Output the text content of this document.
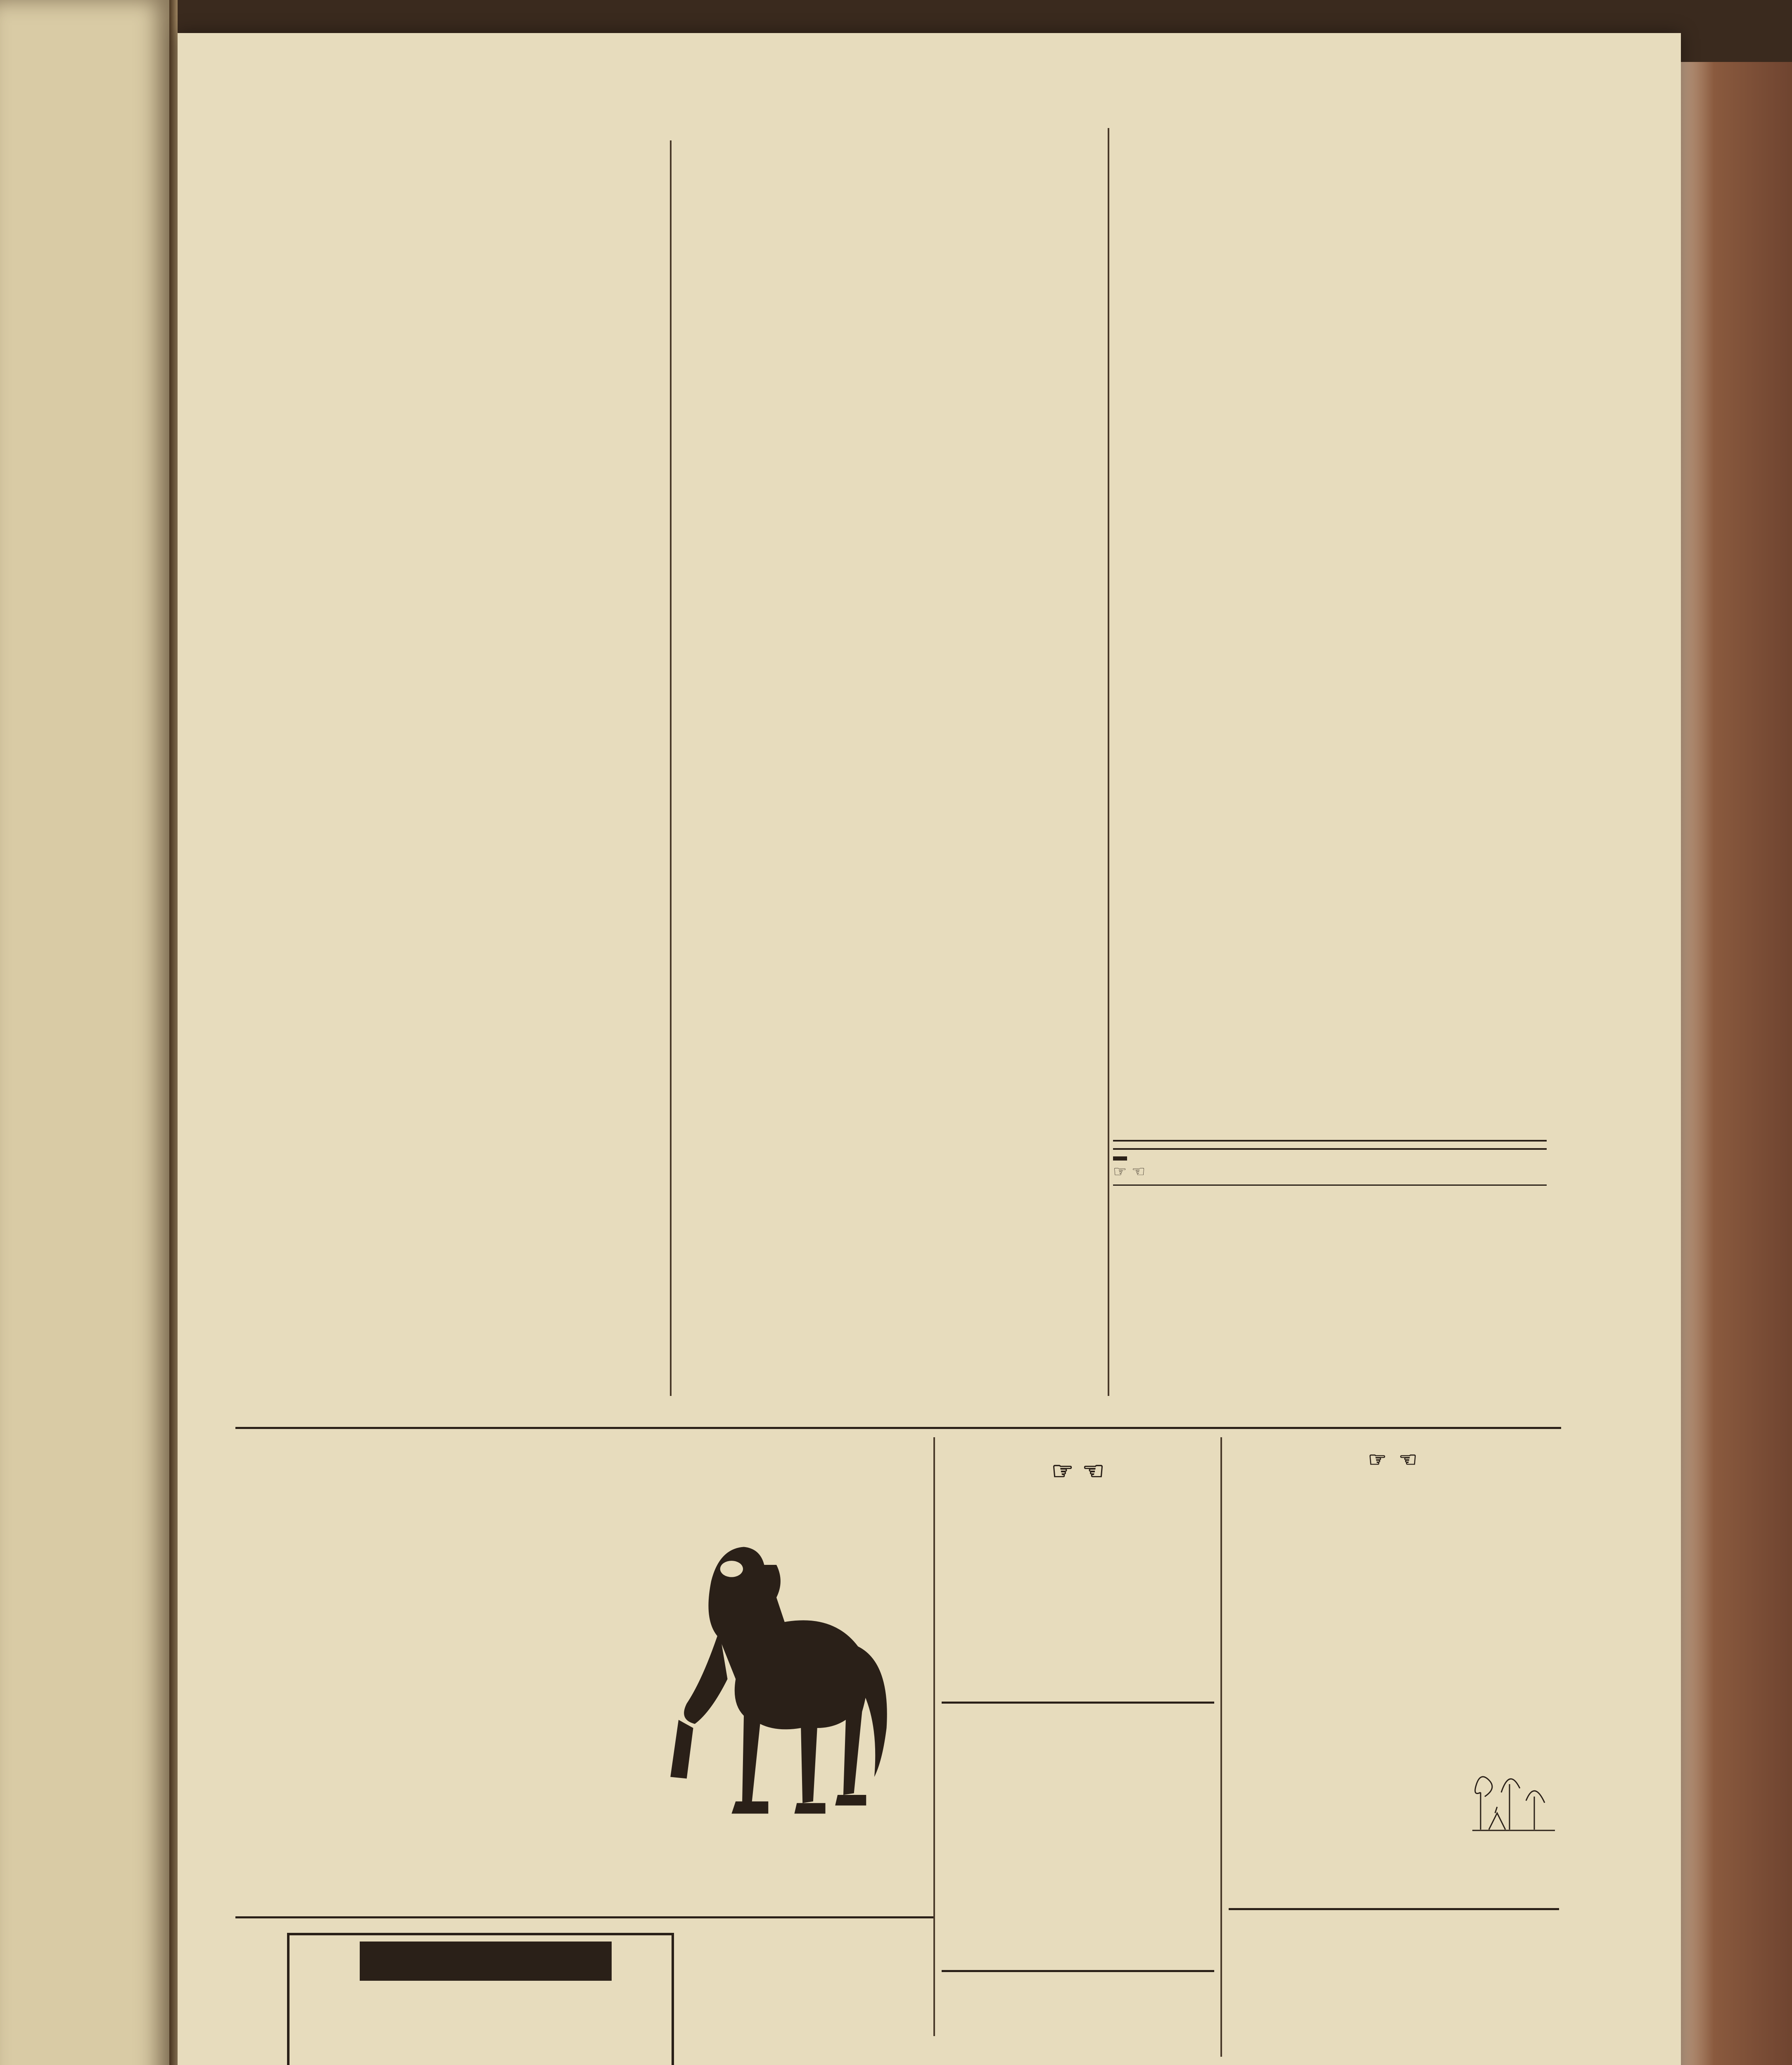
☞ ☜

☞ ☜	☞ ☜
